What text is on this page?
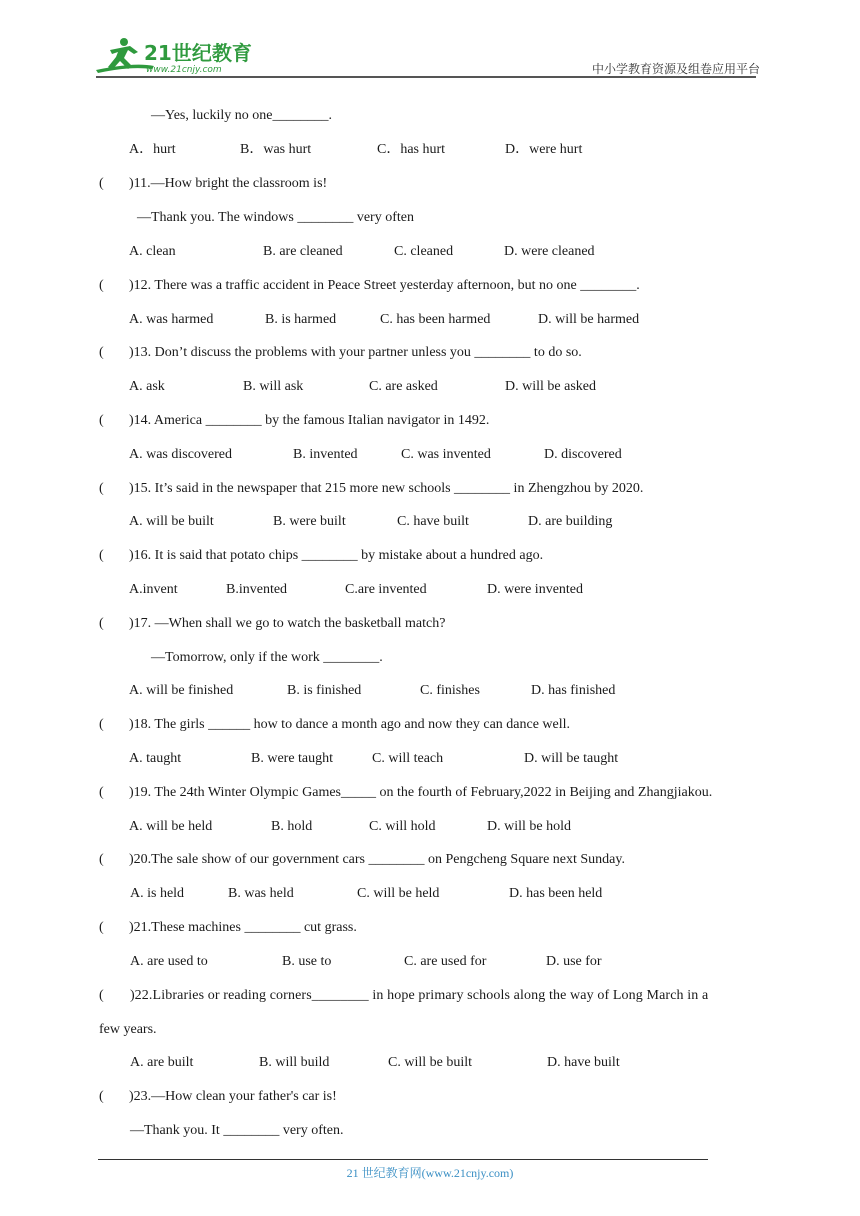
21世纪教育
www.21cnjy.com	中小学教育资源及组卷应用平台
—Yes, luckily no one________.
A．hurt	B．was hurt	C．has hurt	D．were hurt
( )11.—How bright the classroom is!
—Thank you. The windows ________ very often
A. clean	B. are cleaned	C. cleaned	D. were cleaned
( )12. There was a traffic accident in Peace Street yesterday afternoon, but no one ________.
A. was harmed	B. is harmed	C. has been harmed	D. will be harmed
( )13. Don’t discuss the problems with your partner unless you ________ to do so.
A. ask	B. will ask	C. are asked	D. will be asked
( )14. America ________ by the famous Italian navigator in 1492.
A. was discovered	B. invented	C. was invented	D. discovered
( )15. It’s said in the newspaper that 215 more new schools ________ in Zhengzhou by 2020.
A. will be built	B. were built	C. have built	D. are building
( )16. It is said that potato chips ________ by mistake about a hundred ago.
A.invent	B.invented	C.are invented	D. were invented
( )17. —When shall we go to watch the basketball match?
—Tomorrow, only if the work ________.
A. will be finished	B. is finished	C. finishes	D. has finished
( )18. The girls ______ how to dance a month ago and now they can dance well.
A. taught	B. were taught	C. will teach	D. will be taught
( )19. The 24th Winter Olympic Games_____ on the fourth of February,2022 in Beijing and Zhangjiakou.
A. will be held	B. hold	C. will hold	D. will be hold
( )20.The sale show of our government cars ________ on Pengcheng Square next Sunday.
A. is held	B. was held	C. will be held	D. has been held
( )21.These machines ________ cut grass.
A. are used to	B. use to	C. are used for	D. use for
( )22.Libraries or reading corners________ in hope primary schools along the way of Long March in a
few years.
A. are built	B. will build	C. will be built	D. have built
( )23.—How clean your father's car is!
—Thank you. It ________ very often.
21 世纪教育网(www.21cnjy.com)
